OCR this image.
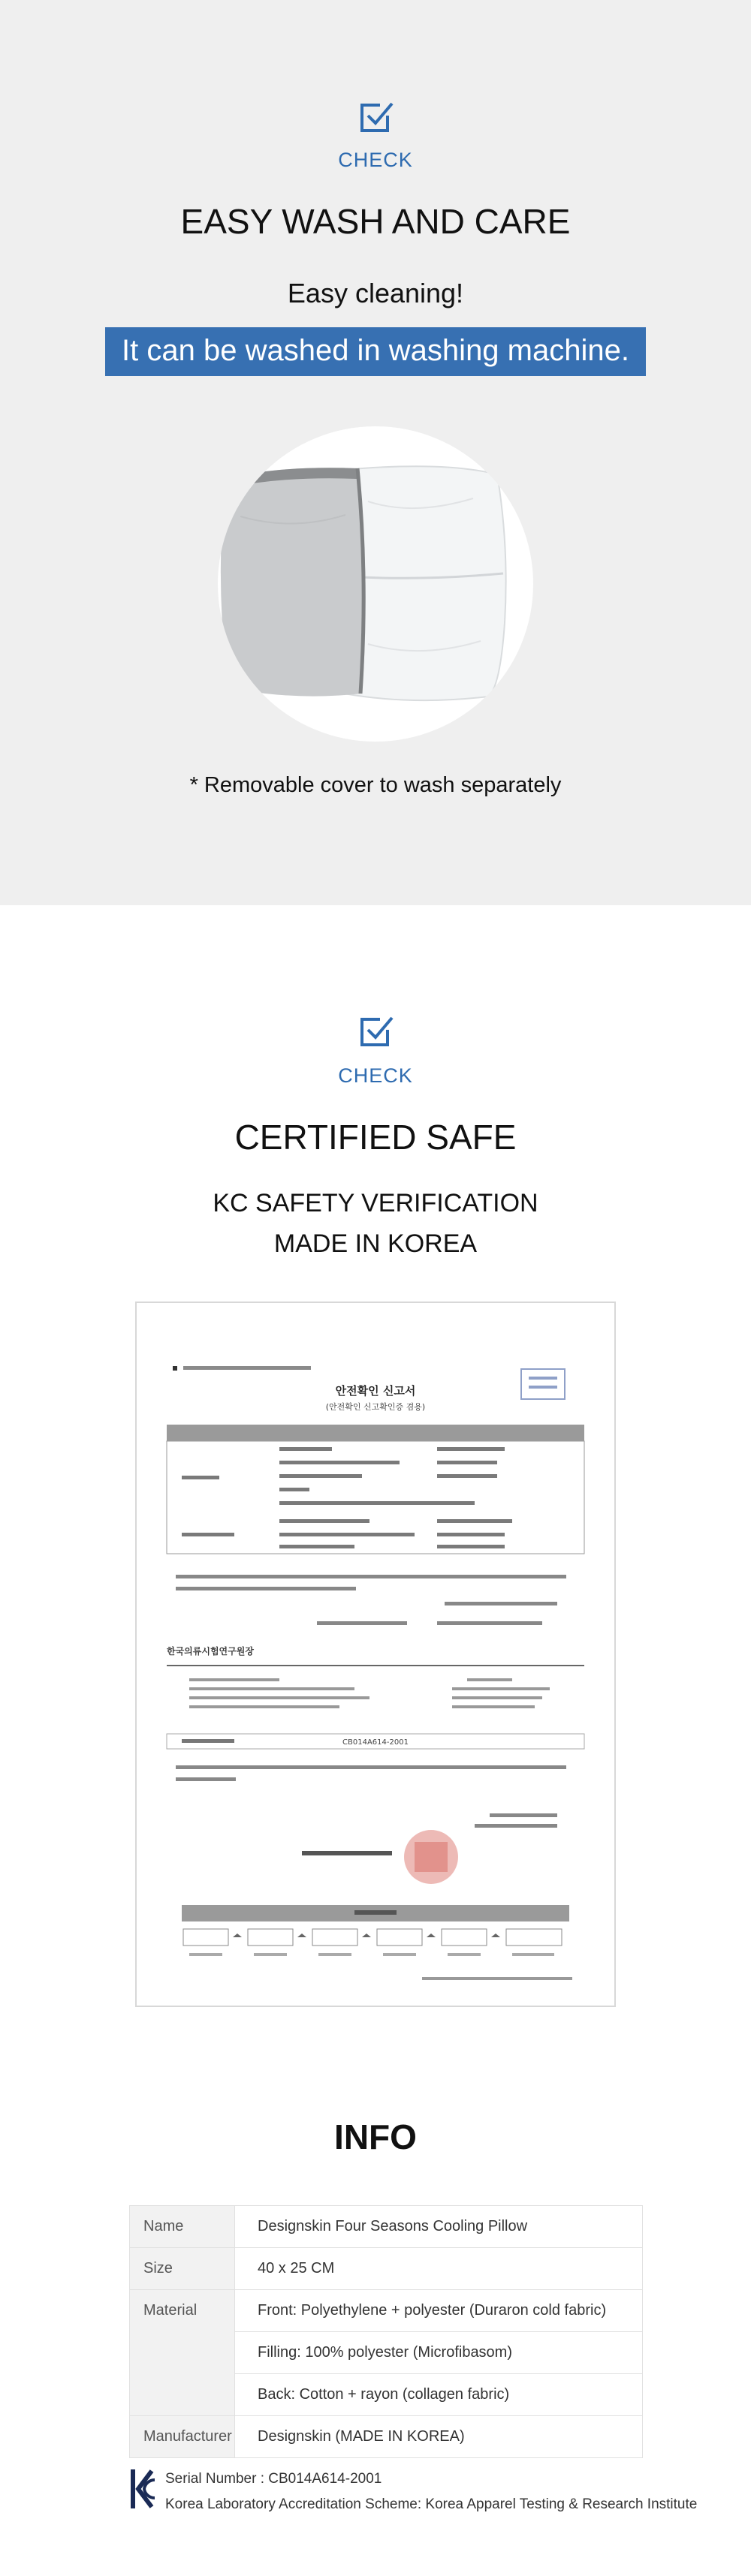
CHECK
EASY WASH AND CARE
Easy cleaning!
It can be washed in washing machine.
* Removable cover to wash separately
CHECK
CERTIFIED SAFE
KC SAFETY VERIFICATION
MADE IN KOREA
안전확인 신고서
(안전확인 신고확인증 겸용)
한국의류시험연구원장
CB014A614-2001
INFO
Name	Designskin Four Seasons Cooling Pillow
Size	40 x 25 CM
Material	Front: Polyethylene + polyester (Duraron cold fabric)
	Filling: 100% polyester (Microfibasom)
	Back: Cotton + rayon (collagen fabric)
Manufacturer	Designskin (MADE IN KOREA)
Serial Number : CB014A614-2001
Korea Laboratory Accreditation Scheme: Korea Apparel Testing & Research Institute
